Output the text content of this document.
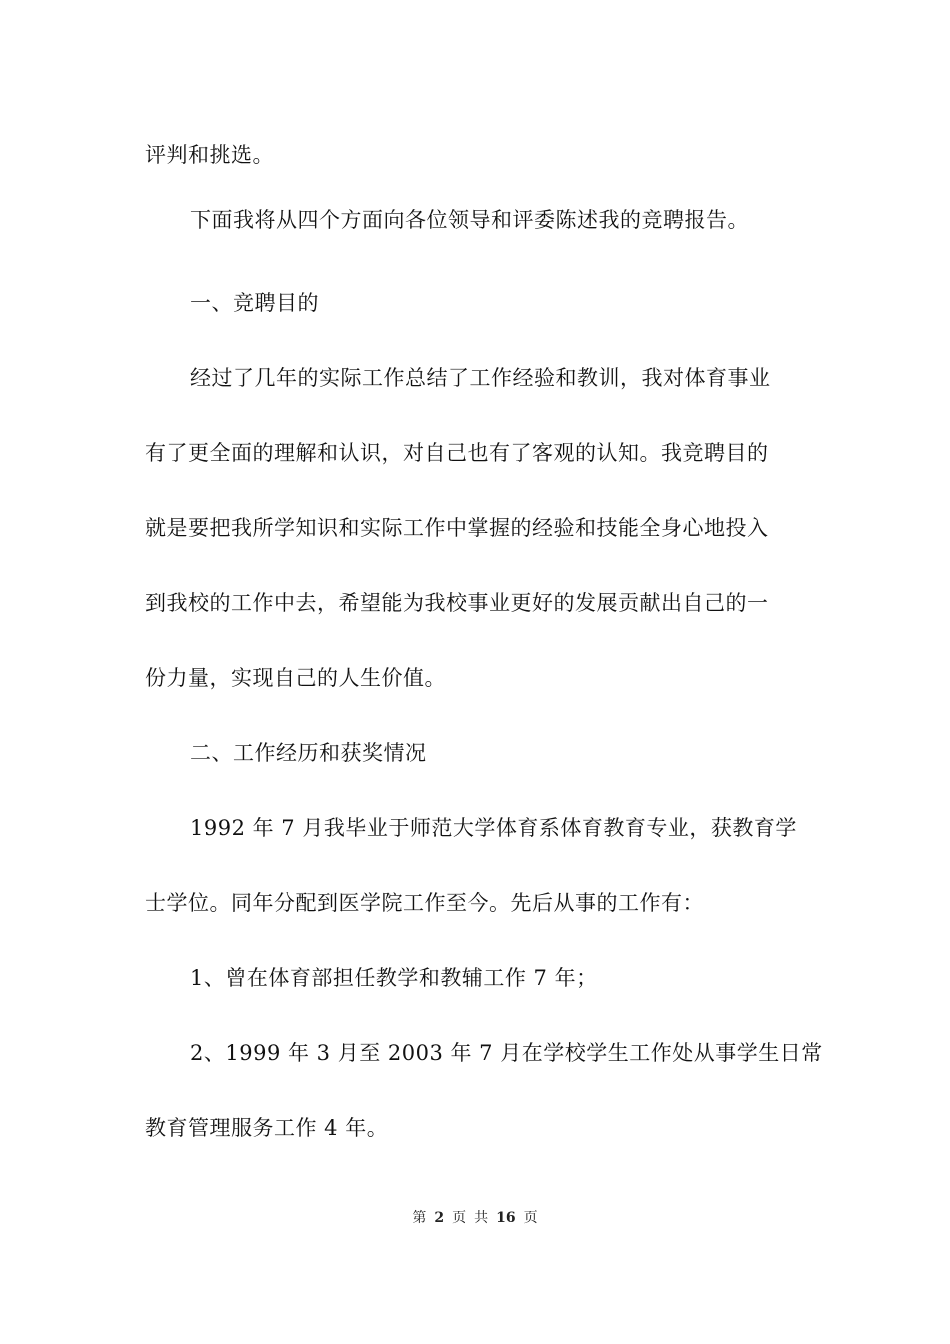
评判和挑选。
下面我将从四个方面向各位领导和评委陈述我的竞聘报告。
一、竞聘目的
经过了几年的实际工作总结了工作经验和教训，我对体育事业
有了更全面的理解和认识，对自己也有了客观的认知。我竞聘目的
就是要把我所学知识和实际工作中掌握的经验和技能全身心地投入
到我校的工作中去，希望能为我校事业更好的发展贡献出自己的一
份力量，实现自己的人生价值。
二、工作经历和获奖情况
1992 年 7 月我毕业于师范大学体育系体育教育专业，获教育学
士学位。同年分配到医学院工作至今。先后从事的工作有：
1、曾在体育部担任教学和教辅工作 7 年；
2、1999 年 3 月至 2003 年 7 月在学校学生工作处从事学生日常
教育管理服务工作 4 年。
第 2 页 共 16 页
